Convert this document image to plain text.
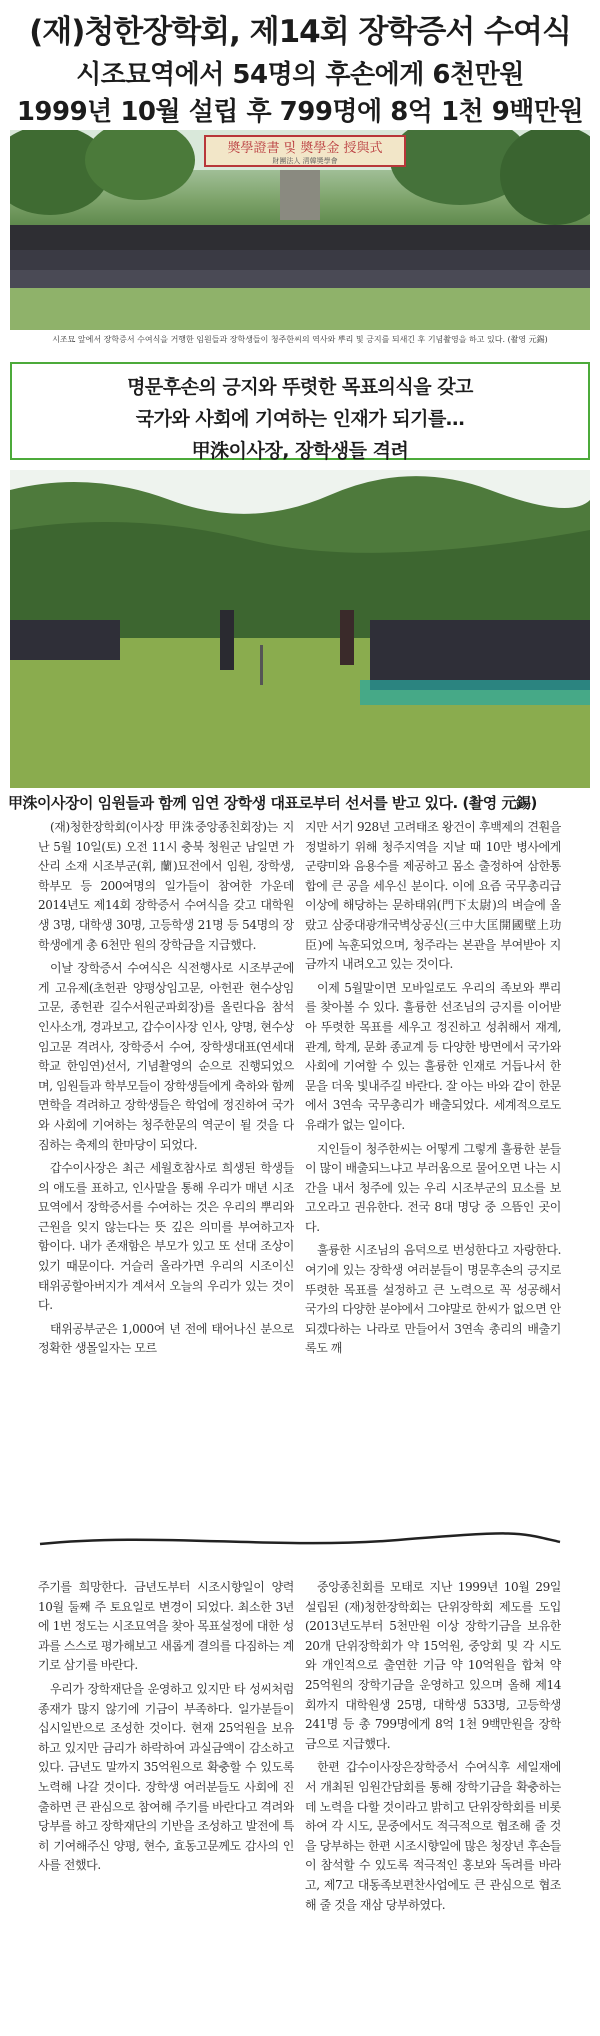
(재)청한장학회, 제14회 장학증서 수여식
시조묘역에서 54명의 후손에게 6천만원
1999년 10월 설립 후 799명에 8억 1천 9백만원
奬學證書 및 奬學金 授與式
財團法人 淸韓奬學會
시조묘 앞에서 장학증서 수여식을 거행한 임원들과 장학생들이 청주한씨의 역사와 뿌리 및 긍지를 되새긴 후 기념촬영을 하고 있다. (촬영 元錫)
명문후손의 긍지와 뚜렷한 목표의식을 갖고
국가와 사회에 기여하는 인재가 되기를…
甲洙이사장, 장학생들 격려
甲洙이사장이 임원들과 함께 임연 장학생 대표로부터 선서를 받고 있다. (촬영 元錫)

(재)청한장학회(이사장 甲洙중앙종친회장)는 지난 5월 10일(토) 오전 11시 충북 청원군 남일면 가산리 소재 시조부군(휘, 蘭)묘전에서 임원, 장학생, 학부모 등 200여명의 일가들이 참여한 가운데 2014년도 제14회 장학증서 수여식을 갖고 대학원생 3명, 대학생 30명, 고등학생 21명 등 54명의 장학생에게 총 6천만 원의 장학금을 지급했다.

이날 장학증서 수여식은 식전행사로 시조부군에게 고유제(초헌관 양평상임고문, 아헌관 현수상임고문, 종헌관 길수서원군파회장)를 올린다음 참석인사소개, 경과보고, 갑수이사장 인사, 양명, 현수상임고문 격려사, 장학증서 수여, 장학생대표(연세대학교 한임연)선서, 기념촬영의 순으로 진행되었으며, 임원들과 학부모들이 장학생들에게 축하와 함께 면학을 격려하고 장학생들은 학업에 정진하여 국가와 사회에 기여하는 청주한문의 역군이 될 것을 다짐하는 축제의 한마당이 되었다.

갑수이사장은 최근 세월호참사로 희생된 학생들의 애도를 표하고, 인사말을 통해 우리가 매년 시조묘역에서 장학증서를 수여하는 것은 우리의 뿌리와 근원을 잊지 않는다는 뜻 깊은 의미를 부여하고자 함이다. 내가 존재함은 부모가 있고 또 선대 조상이 있기 때문이다. 거슬러 올라가면 우리의 시조이신 태위공할아버지가 계셔서 오늘의 우리가 있는 것이다.

태위공부군은 1,000여 년 전에 태어나신 분으로 정확한 생몰일자는 모르

지만 서기 928년 고려태조 왕건이 후백제의 견훤을 정벌하기 위해 청주지역을 지날 때 10만 병사에게 군량미와 음용수를 제공하고 몸소 출정하여 삼한통합에 큰 공을 세우신 분이다. 이에 요즘 국무총리급 이상에 해당하는 문하태위(門下太尉)의 벼슬에 올랐고 삼중대광개국벽상공신(三中大匡開國壁上功臣)에 녹훈되었으며, 청주라는 본관을 부여받아 지금까지 내려오고 있는 것이다.

이제 5월말이면 모바일로도 우리의 족보와 뿌리를 찾아볼 수 있다. 훌륭한 선조님의 긍지를 이어받아 뚜렷한 목표를 세우고 정진하고 성취해서 재계, 관계, 학계, 문화 종교계 등 다양한 방면에서 국가와 사회에 기여할 수 있는 훌륭한 인재로 거듭나서 한문을 더욱 빛내주길 바란다. 잘 아는 바와 같이 한문에서 3연속 국무총리가 배출되었다. 세계적으로도 유래가 없는 일이다.

지인들이 청주한씨는 어떻게 그렇게 훌륭한 분들이 많이 배출되느냐고 부러움으로 물어오면 나는 시간을 내서 청주에 있는 우리 시조부군의 묘소를 보고오라고 권유한다. 전국 8대 명당 중 으뜸인 곳이다.

훌륭한 시조님의 음덕으로 번성한다고 자랑한다. 여기에 있는 장학생 여러분들이 명문후손의 긍지로 뚜렷한 목표를 설정하고 큰 노력으로 꼭 성공해서 국가의 다양한 분야에서 그야말로 한씨가 없으면 안 되겠다하는 나라로 만들어서 3연속 총리의 배출기록도 깨

주기를 희망한다. 금년도부터 시조시향일이 양력 10월 둘째 주 토요일로 변경이 되었다. 최소한 3년에 1번 정도는 시조묘역을 찾아 목표설정에 대한 성과를 스스로 평가해보고 새롭게 결의를 다짐하는 계기로 삼기를 바란다.

우리가 장학재단을 운영하고 있지만 타 성씨처럼 종재가 많지 않기에 기금이 부족하다. 일가분들이 십시일반으로 조성한 것이다. 현재 25억원을 보유하고 있지만 금리가 하락하여 과실금액이 감소하고 있다. 금년도 말까지 35억원으로 확충할 수 있도록 노력해 나갈 것이다. 장학생 여러분들도 사회에 진출하면 큰 관심으로 참여해 주기를 바란다고 격려와 당부를 하고 장학재단의 기반을 조성하고 발전에 특히 기여해주신 양평, 현수, 효동고문께도 감사의 인사를 전했다.

중앙종친회를 모태로 지난 1999년 10월 29일 설립된 (재)청한장학회는 단위장학회 제도를 도입 (2013년도부터 5천만원 이상 장학기금을 보유한 20개 단위장학회가 약 15억원, 중앙회 및 각 시도와 개인적으로 출연한 기금 약 10억원을 합쳐 약 25억원의 장학기금을 운영하고 있으며 올해 제14회까지 대학원생 25명, 대학생 533명, 고등학생 241명 등 총 799명에게 8억 1천 9백만원을 장학금으로 지급했다.

한편 갑수이사장은장학증서 수여식후 세일재에서 개최된 임원간담회를 통해 장학기금을 확충하는데 노력을 다할 것이라고 밝히고 단위장학회를 비롯하여 각 시도, 문중에서도 적극적으로 협조해 줄 것을 당부하는 한편 시조시향일에 많은 청장년 후손들이 참석할 수 있도록 적극적인 홍보와 독려를 바라고, 제7고 대동족보편찬사업에도 큰 관심으로 협조해 줄 것을 재삼 당부하였다.
